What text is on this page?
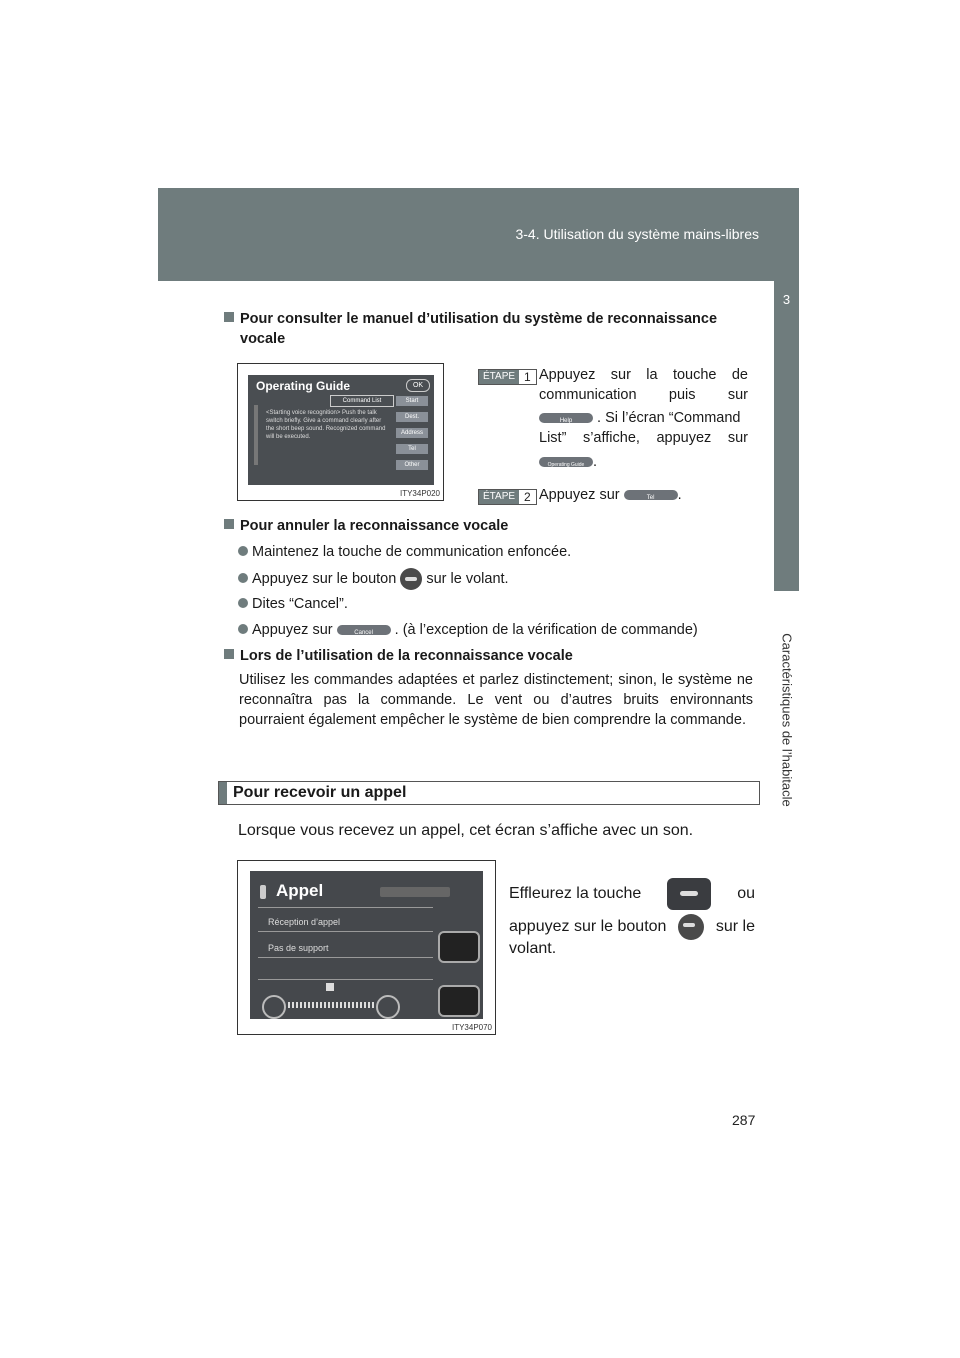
3-4. Utilisation du système mains-libres
3
Caractéristiques de l’habitacle
Pour consulter le manuel d’utilisation du système de reconnaissance
vocale
Operating Guide	OK
Command List	Start
Dest.
Address
Tel
Other
<Starting voice recognition> Push the talk switch briefly. Give a command clearly after the short beep sound. Recognized command will be executed.
ITY34P020
ÉTAPE 1 Appuyez sur la touche de
communication puis sur
Help	. Si l’écran “Command
List” s’affiche, appuyez sur
Operating Guide .
ÉTAPE 2 Appuyez sur	Tel	.
Pour annuler la reconnaissance vocale
Maintenez la touche de communication enfoncée.
Appuyez sur le bouton sur le volant.
Dites “Cancel”.
Appuyez sur	Cancel	. (à l’exception de la vérification de commande)
Lors de l’utilisation de la reconnaissance vocale
Utilisez les commandes adaptées et parlez distinctement; sinon, le système ne reconnaîtra pas la commande. Le vent ou d’autres bruits environnants pourraient également empêcher le système de bien comprendre la commande.
Pour recevoir un appel
Lorsque vous recevez un appel, cet écran s’affiche avec un son.
Appel
Réception d’appel
Pas de support
ITY34P070
Effleurez la touche	ou
appuyez sur le bouton	sur le
volant.
287
